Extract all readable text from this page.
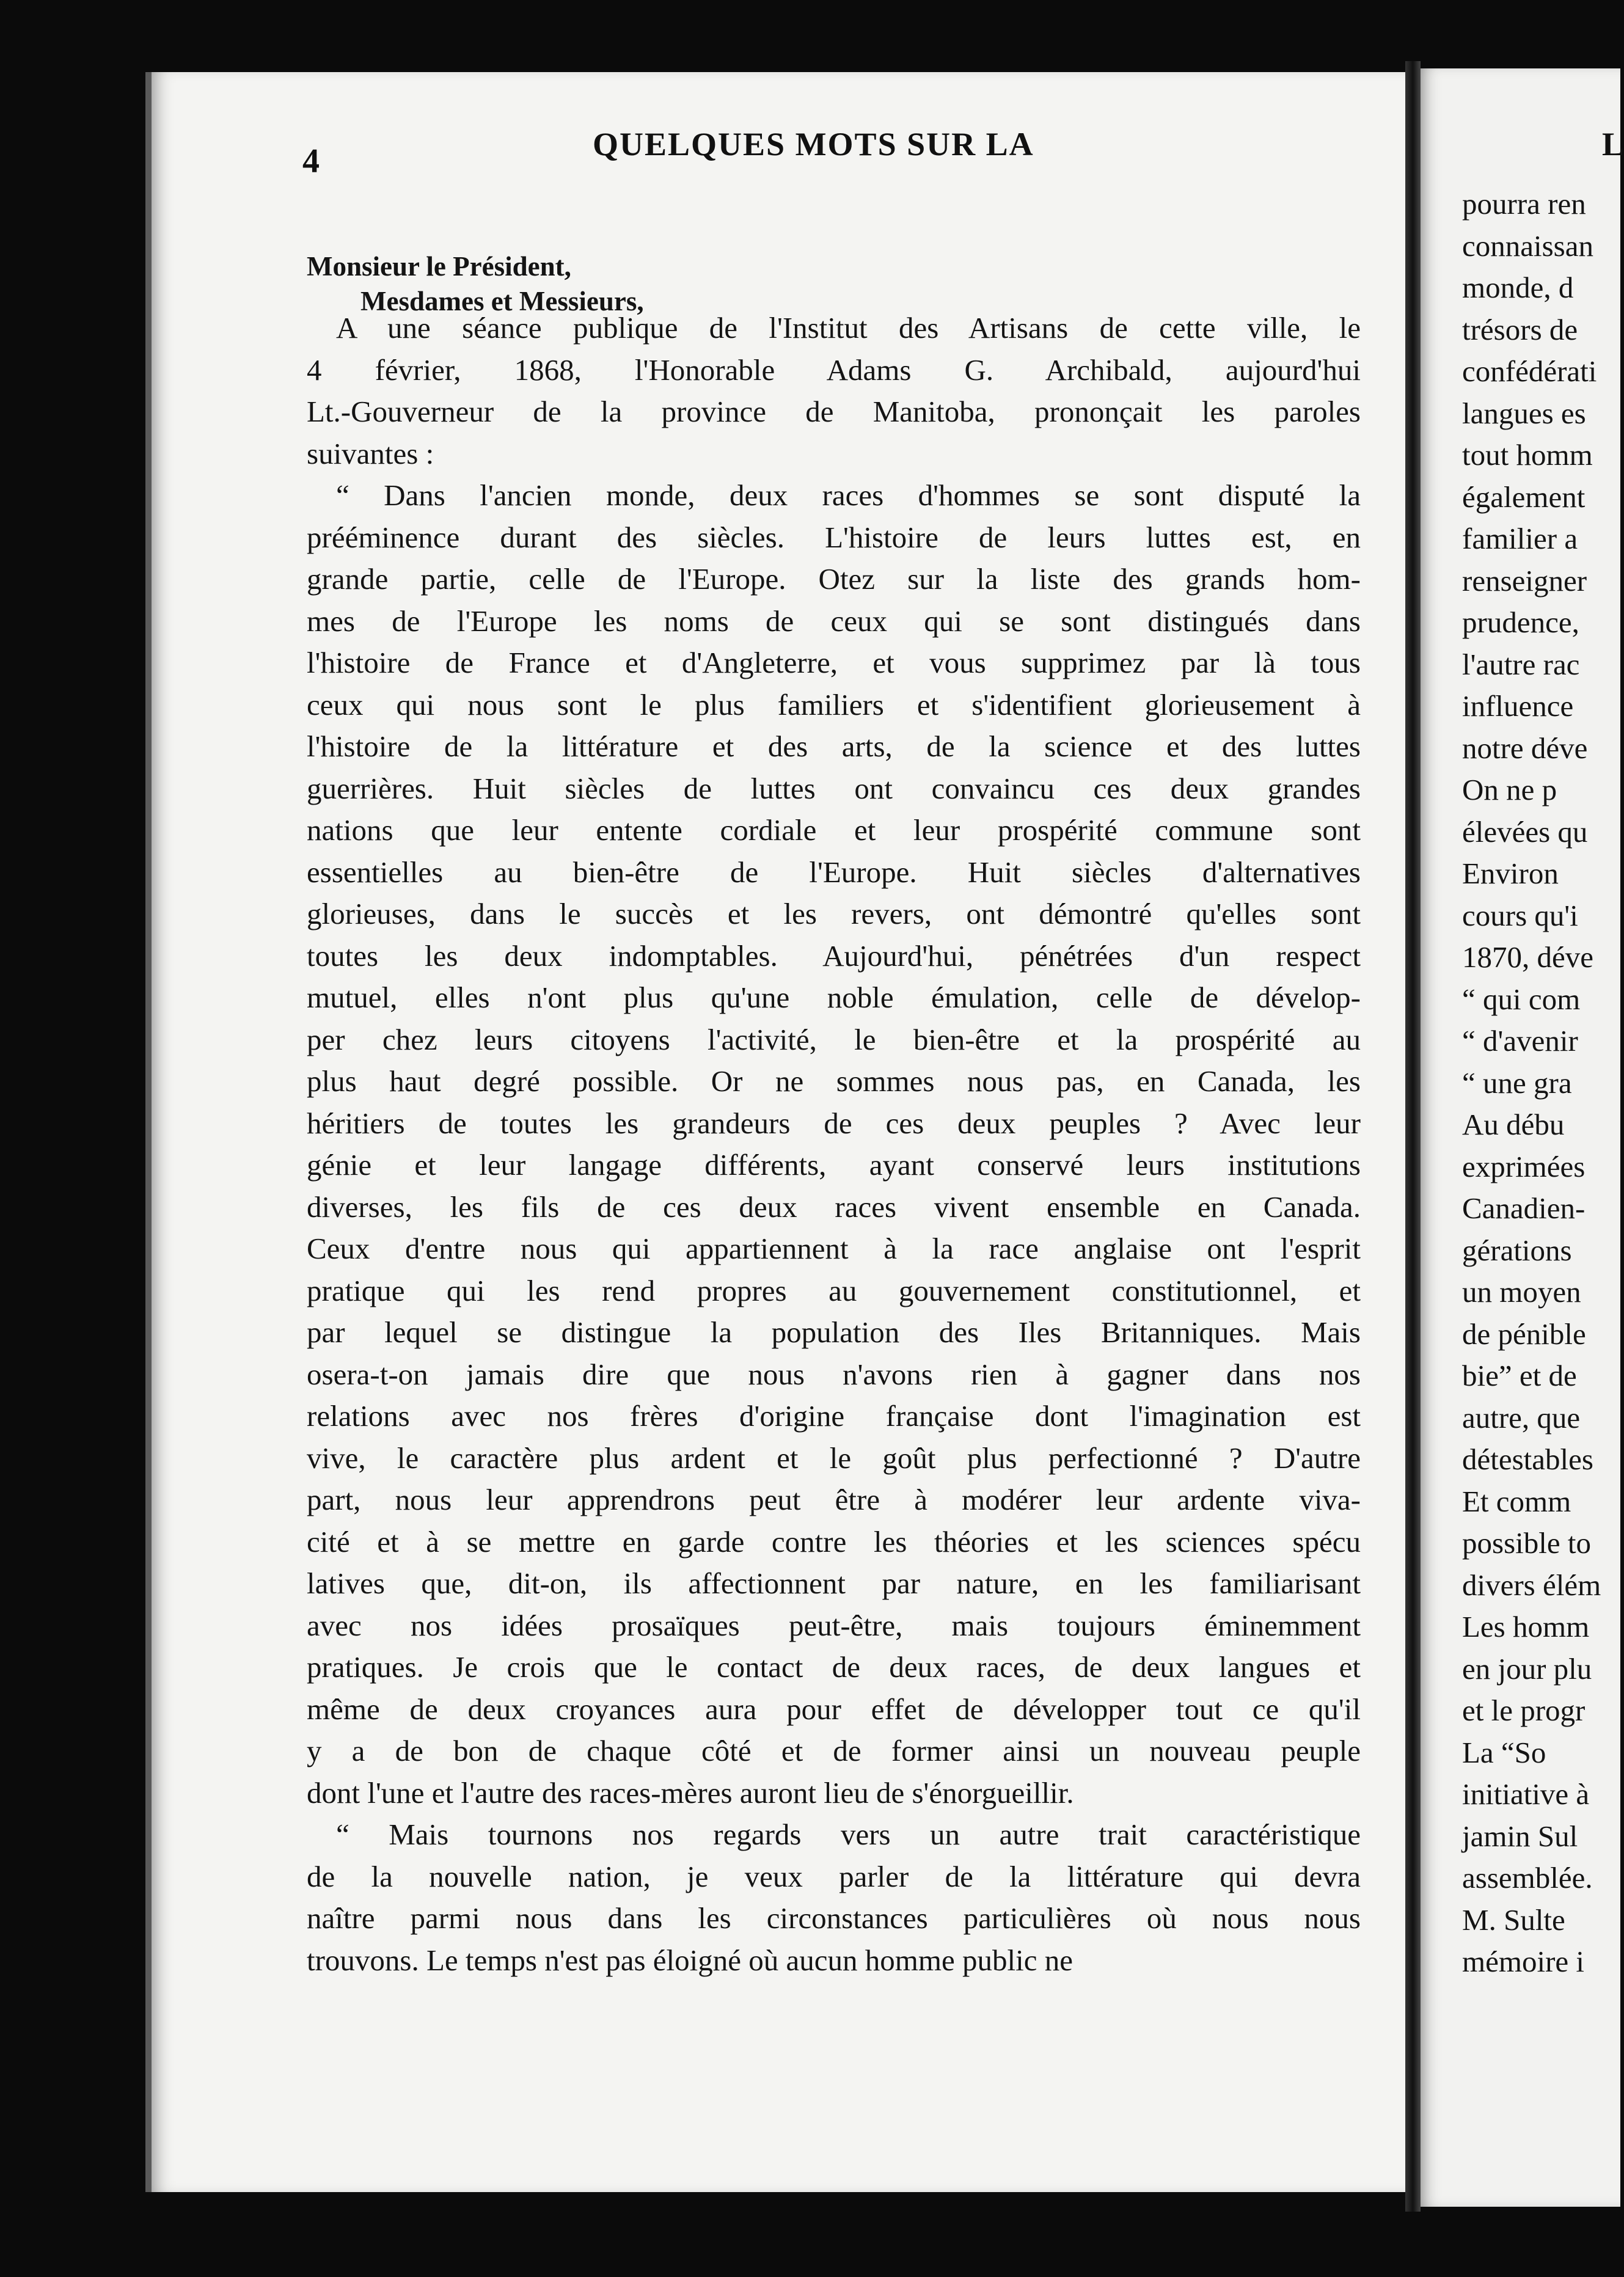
4	QUELQUES MOTS SUR LA	L
Monsieur le Président,
Mesdames et Messieurs,
A une séance publique de l'Institut des Artisans de cette ville, le
4 février, 1868, l'Honorable Adams G. Archibald, aujourd'hui
Lt.-Gouverneur de la province de Manitoba, prononçait les paroles
suivantes :
“ Dans l'ancien monde, deux races d'hommes se sont disputé la
prééminence durant des siècles. L'histoire de leurs luttes est, en
grande partie, celle de l'Europe. Otez sur la liste des grands hom-
mes de l'Europe les noms de ceux qui se sont distingués dans
l'histoire de France et d'Angleterre, et vous supprimez par là tous
ceux qui nous sont le plus familiers et s'identifient glorieusement à
l'histoire de la littérature et des arts, de la science et des luttes
guerrières. Huit siècles de luttes ont convaincu ces deux grandes
nations que leur entente cordiale et leur prospérité commune sont
essentielles au bien-être de l'Europe. Huit siècles d'alternatives
glorieuses, dans le succès et les revers, ont démontré qu'elles sont
toutes les deux indomptables. Aujourd'hui, pénétrées d'un respect
mutuel, elles n'ont plus qu'une noble émulation, celle de dévelop-
per chez leurs citoyens l'activité, le bien-être et la prospérité au
plus haut degré possible. Or ne sommes nous pas, en Canada, les
héritiers de toutes les grandeurs de ces deux peuples ? Avec leur
génie et leur langage différents, ayant conservé leurs institutions
diverses, les fils de ces deux races vivent ensemble en Canada.
Ceux d'entre nous qui appartiennent à la race anglaise ont l'esprit
pratique qui les rend propres au gouvernement constitutionnel, et
par lequel se distingue la population des Iles Britanniques. Mais
osera-t-on jamais dire que nous n'avons rien à gagner dans nos
relations avec nos frères d'origine française dont l'imagination est
vive, le caractère plus ardent et le goût plus perfectionné ? D'autre
part, nous leur apprendrons peut être à modérer leur ardente viva-
cité et à se mettre en garde contre les théories et les sciences spécu
latives que, dit-on, ils affectionnent par nature, en les familiarisant
avec nos idées prosaïques peut-être, mais toujours éminemment
pratiques. Je crois que le contact de deux races, de deux langues et
même de deux croyances aura pour effet de développer tout ce qu'il
y a de bon de chaque côté et de former ainsi un nouveau peuple
dont l'une et l'autre des races-mères auront lieu de s'énorgueillir.
“ Mais tournons nos regards vers un autre trait caractéristique
de la nouvelle nation, je veux parler de la littérature qui devra
naître parmi nous dans les circonstances particulières où nous nous
trouvons. Le temps n'est pas éloigné où aucun homme public ne
pourra ren
connaissan
monde, d
trésors de
confédérati
langues es
tout homm
également
familier a
renseigner
prudence,
l'autre rac
influence
notre déve
On ne p
élevées qu
Environ
cours qu'i
1870, déve
“ qui com
“ d'avenir
“ une gra
Au débu
exprimées
Canadien-
gérations
un moyen
de pénible
bie” et de
autre, que
détestables
Et comm
possible to
divers élém
Les homm
en jour plu
et le progr
La “So
initiative à
jamin Sul
assemblée.
M. Sulte
mémoire i
